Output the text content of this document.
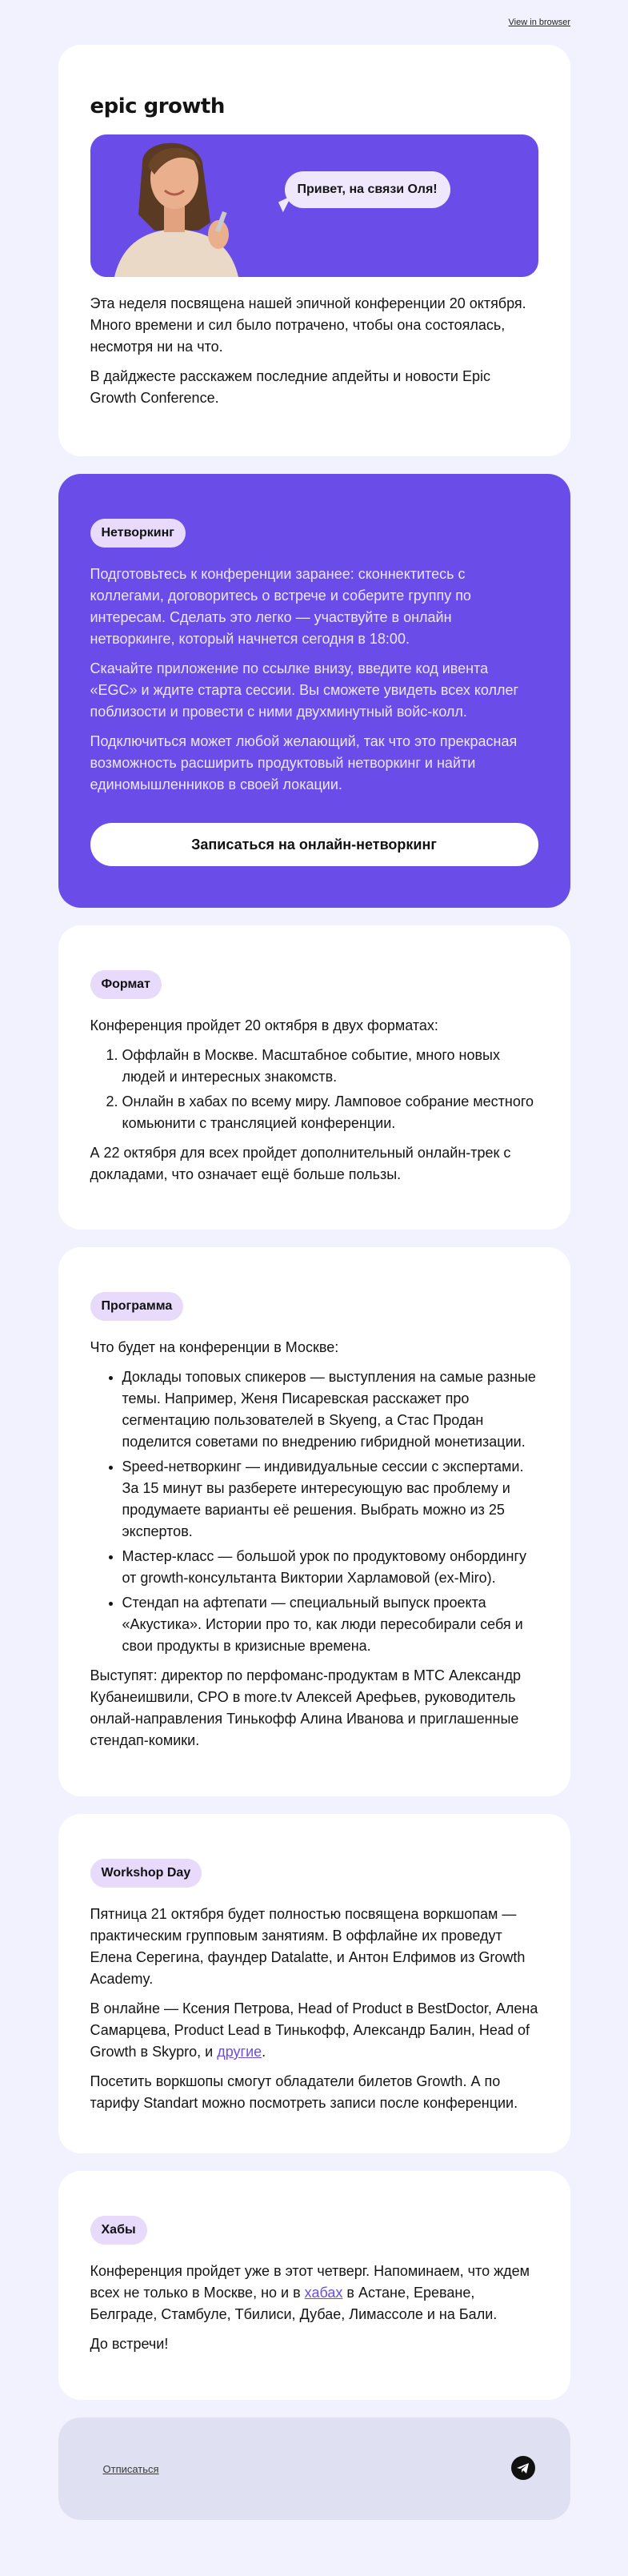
View in browser
epic growth
Привет, на связи Оля!

Эта неделя посвящена нашей эпичной конференции 20 октября. Много времени и сил было потрачено, чтобы она состоялась, несмотря ни на что.

В дайджесте расскажем последние апдейты и новости Epic Growth Conference.

Нетворкинг

Подготовьтесь к конференции заранее: сконнектитесь с коллегами, договоритесь о встрече и соберите группу по интересам. Сделать это легко — участвуйте в онлайн нетворкинге, который начнется сегодня в 18:00.

Скачайте приложение по ссылке внизу, введите код ивента «EGC» и ждите старта сессии. Вы сможете увидеть всех коллег поблизости и провести с ними двухминутный войс-колл.

Подключиться может любой желающий, так что это прекрасная возможность расширить продуктовый нетворкинг и найти единомышленников в своей локации.

Записаться на онлайн-нетворкинг
Формат

Конференция пройдет 20 октября в двух форматах:

1. Оффлайн в Москве. Масштабное событие, много новых людей и интересных знакомств.
2. Онлайн в хабах по всему миру. Ламповое собрание местного комьюнити с трансляцией конференции.

А 22 октября для всех пройдет дополнительный онлайн-трек с докладами, что означает ещё больше пользы.

Программа

Что будет на конференции в Москве:

• Доклады топовых спикеров — выступления на самые разные темы. Например, Женя Писаревская расскажет про сегментацию пользователей в Skyeng, а Стас Продан поделится советами по внедрению гибридной монетизации.
• Speed-нетворкинг — индивидуальные сессии с экспертами. За 15 минут вы разберете интересующую вас проблему и продумаете варианты её решения. Выбрать можно из 25 экспертов.
• Мастер-класс — большой урок по продуктовому онбордингу от growth-консультанта Виктории Харламовой (ex-Miro).
• Стендап на афтепати — специальный выпуск проекта «Акустика». Истории про то, как люди пересобирали себя и свои продукты в кризисные времена.

Выступят: директор по перфоманс-продуктам в МТС Александр Кубанеишвили, CPO в more.tv Алексей Арефьев, руководитель онлай-направления Тинькофф Алина Иванова и приглашенные стендап-комики.

Workshop Day

Пятница 21 октября будет полностью посвящена воркшопам — практическим групповым занятиям. В оффлайне их проведут Елена Серегина, фаундер Datalatte, и Антон Елфимов из Growth Academy.

В онлайне — Ксения Петрова, Head of Product в BestDoctor, Алена Самарцева, Product Lead в Тинькофф, Александр Балин, Head of Growth в Skypro, и другие.

Посетить воркшопы смогут обладатели билетов Growth. А по тарифу Standart можно посмотреть записи после конференции.

Хабы

Конференция пройдет уже в этот четверг. Напоминаем, что ждем всех не только в Москве, но и в хабах в Астане, Ереване, Белграде, Стамбуле, Тбилиси, Дубае, Лимассоле и на Бали.

До встречи!

Отписаться
